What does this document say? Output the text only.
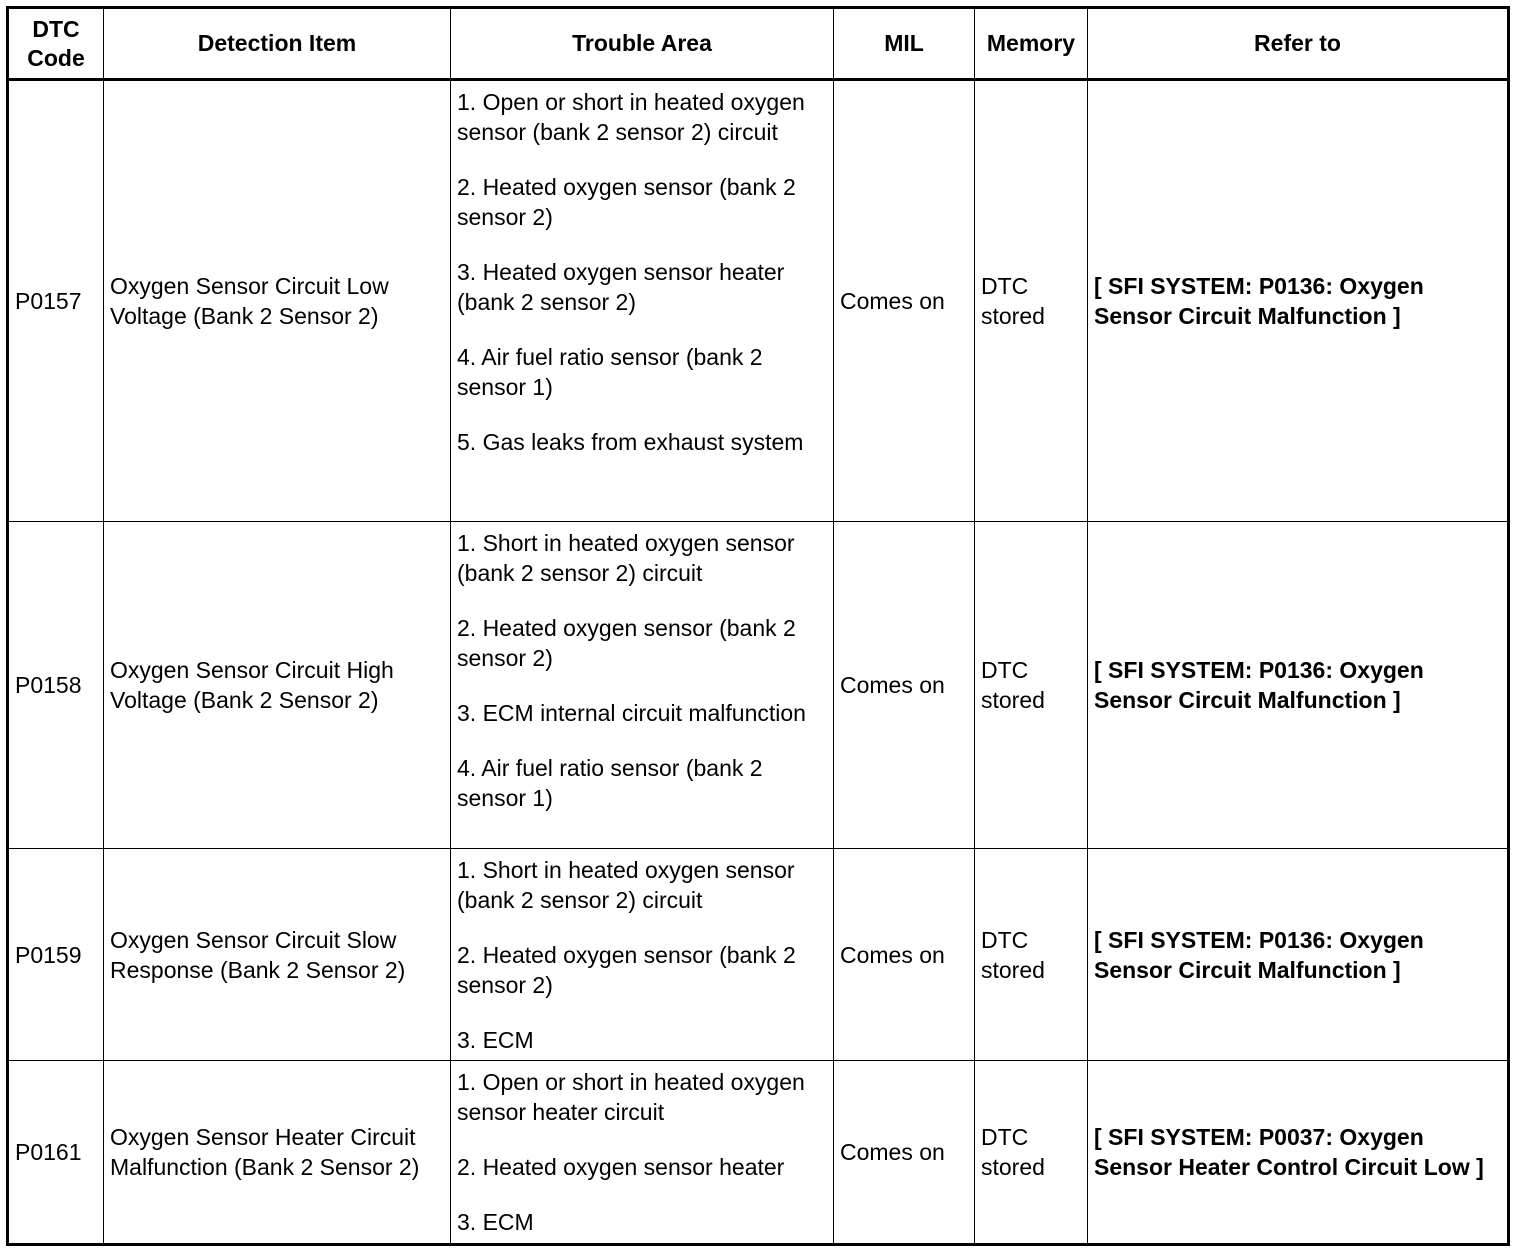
DTC
Code	Detection Item	Trouble Area	MIL	Memory	Refer to
P0157	Oxygen Sensor Circuit Low Voltage (Bank 2 Sensor 2)	1. Open or short in heated oxygen sensor (bank 2 sensor 2) circuit
2. Heated oxygen sensor (bank 2 sensor 2)
3. Heated oxygen sensor heater (bank 2 sensor 2)
4. Air fuel ratio sensor (bank 2 sensor 1)
5. Gas leaks from exhaust system	Comes on	DTC stored	[ SFI SYSTEM: P0136: Oxygen Sensor Circuit Malfunction ]
P0158	Oxygen Sensor Circuit High Voltage (Bank 2 Sensor 2)	1. Short in heated oxygen sensor (bank 2 sensor 2) circuit
2. Heated oxygen sensor (bank 2 sensor 2)
3. ECM internal circuit malfunction
4. Air fuel ratio sensor (bank 2 sensor 1)	Comes on	DTC stored	[ SFI SYSTEM: P0136: Oxygen Sensor Circuit Malfunction ]
P0159	Oxygen Sensor Circuit Slow Response (Bank 2 Sensor 2)	1. Short in heated oxygen sensor (bank 2 sensor 2) circuit
2. Heated oxygen sensor (bank 2 sensor 2)
3. ECM	Comes on	DTC stored	[ SFI SYSTEM: P0136: Oxygen Sensor Circuit Malfunction ]
P0161	Oxygen Sensor Heater Circuit Malfunction (Bank 2 Sensor 2)	1. Open or short in heated oxygen sensor heater circuit
2. Heated oxygen sensor heater
3. ECM	Comes on	DTC stored	[ SFI SYSTEM: P0037: Oxygen Sensor Heater Control Circuit Low ]
